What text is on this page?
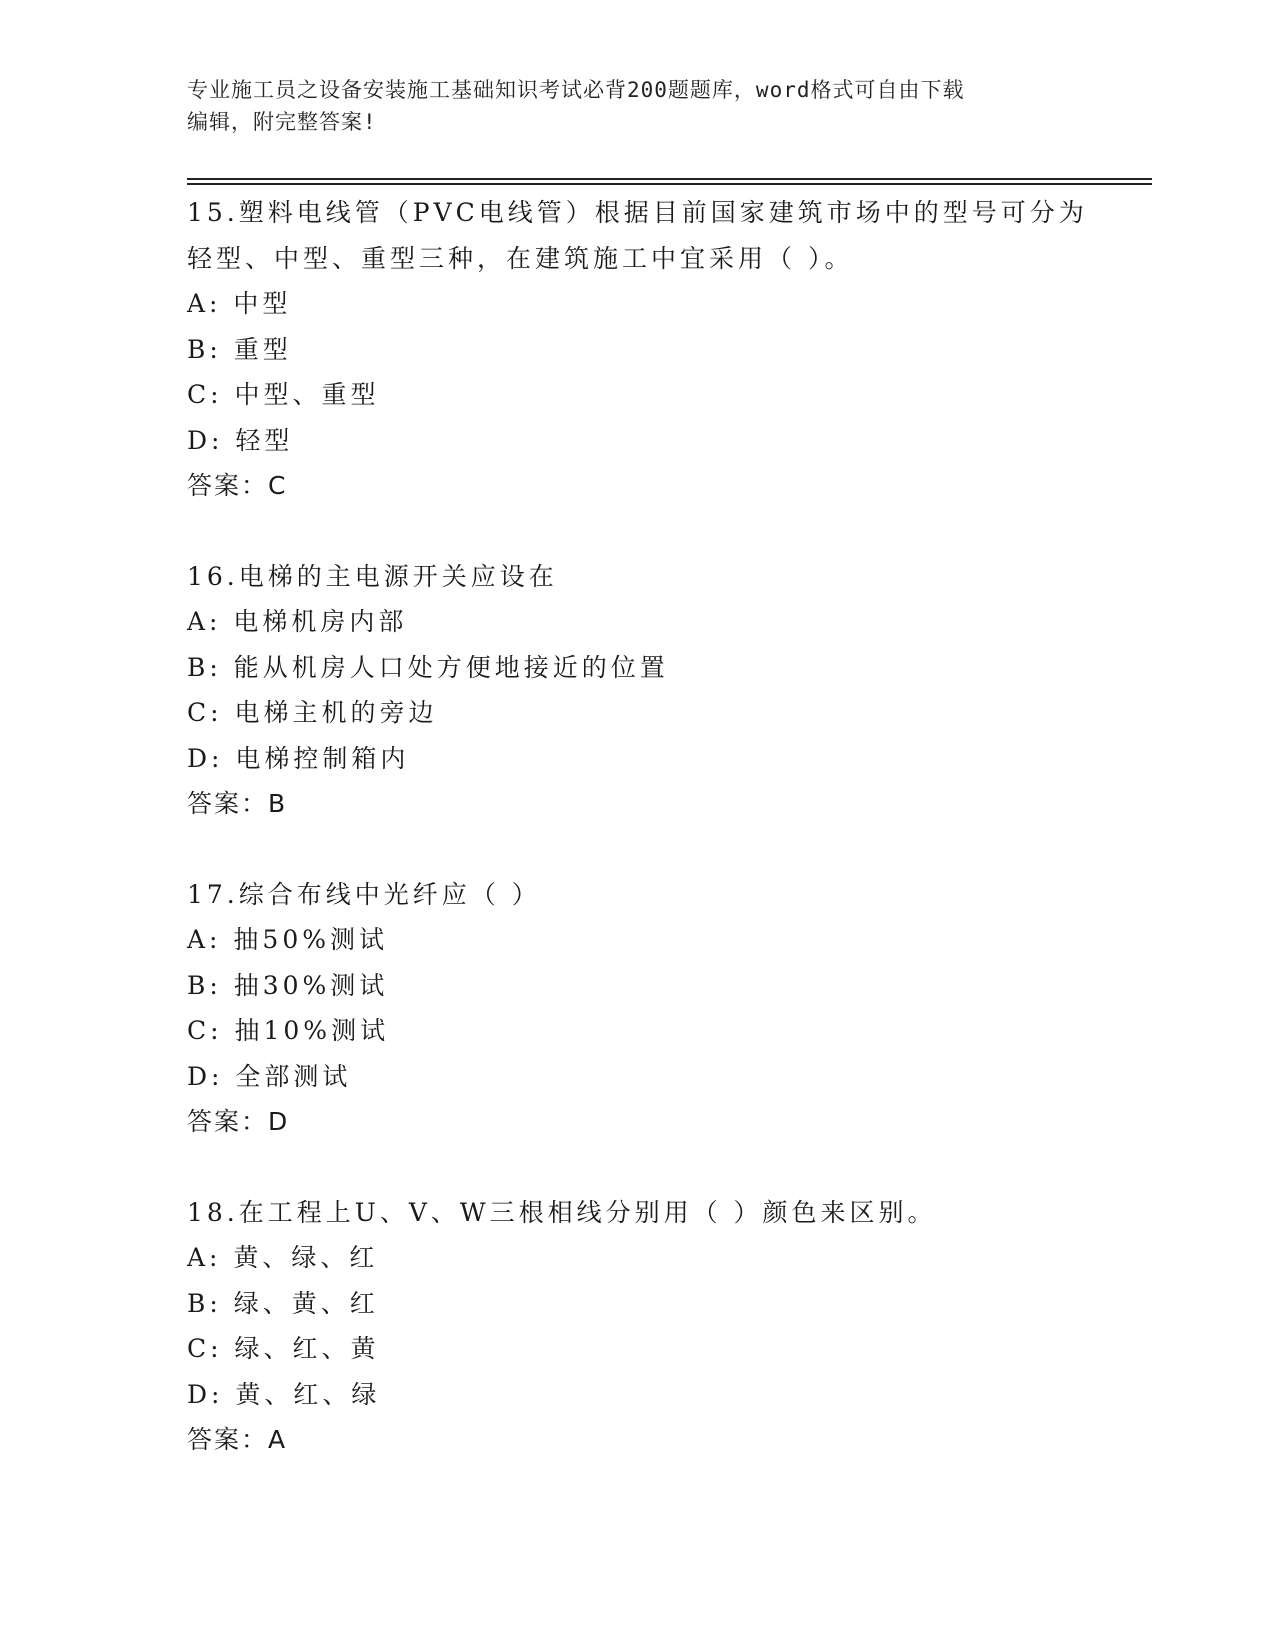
专业施工员之设备安装施工基础知识考试必背200题题库，word格式可自由下载
编辑，附完整答案!
15.塑料电线管（PVC电线管）根据目前国家建筑市场中的型号可分为
轻型、中型、重型三种，在建筑施工中宜采用（ ）。
A: 中型
B: 重型
C: 中型、重型
D: 轻型
答案：C
16.电梯的主电源开关应设在
A: 电梯机房内部
B: 能从机房人口处方便地接近的位置
C: 电梯主机的旁边
D: 电梯控制箱内
答案：B
17.综合布线中光纤应（ ）
A: 抽50%测试
B: 抽30%测试
C: 抽10%测试
D: 全部测试
答案：D
18.在工程上U、V、W三根相线分别用（ ）颜色来区别。
A: 黄、绿、红
B: 绿、黄、红
C: 绿、红、黄
D: 黄、红、绿
答案：A
